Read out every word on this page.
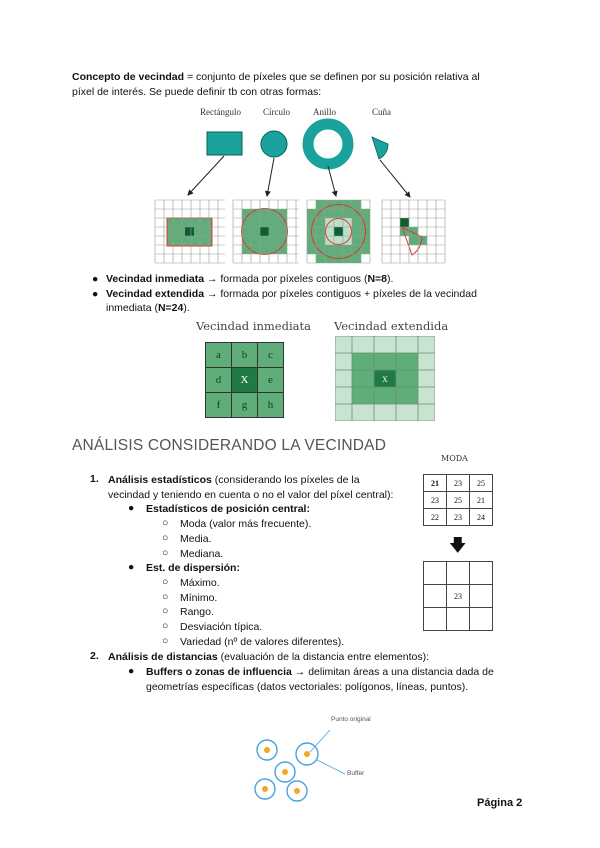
Concepto de vecindad = conjunto de píxeles que se definen por su posición relativa al
píxel de interés. Se puede definir tb con otras formas:
Rectángulo Círculo	Anillo	Cuña
● Vecindad inmediata → formada por píxeles contiguos (N=8).
● Vecindad extendida → formada por píxeles contiguos + píxeles de la vecindad
inmediata (N=24).
Vecindad inmediata Vecindad extendida
a	b	c
d	X	e
f	g	h
X
ANÁLISIS CONSIDERANDO LA VECINDAD
MODA
21	23	25
23	25	21
22	23	24
🡇

	23	

1. Análisis estadísticos (considerando los píxeles de la
vecindad y teniendo en cuenta o no el valor del píxel central):
● Estadísticos de posición central:
○ Moda (valor más frecuente).
○ Media.
○ Mediana.
● Est. de dispersión:
○ Máximo.
○ Mínimo.
○ Rango.
○ Desviación típica.
○ Variedad (nº de valores diferentes).
2. Análisis de distancias (evaluación de la distancia entre elementos):
● Buffers o zonas de influencia → delimitan áreas a una distancia dada de
geometrías específicas (datos vectoriales: polígonos, líneas, puntos).
Punto original
Buffer
Página 2
